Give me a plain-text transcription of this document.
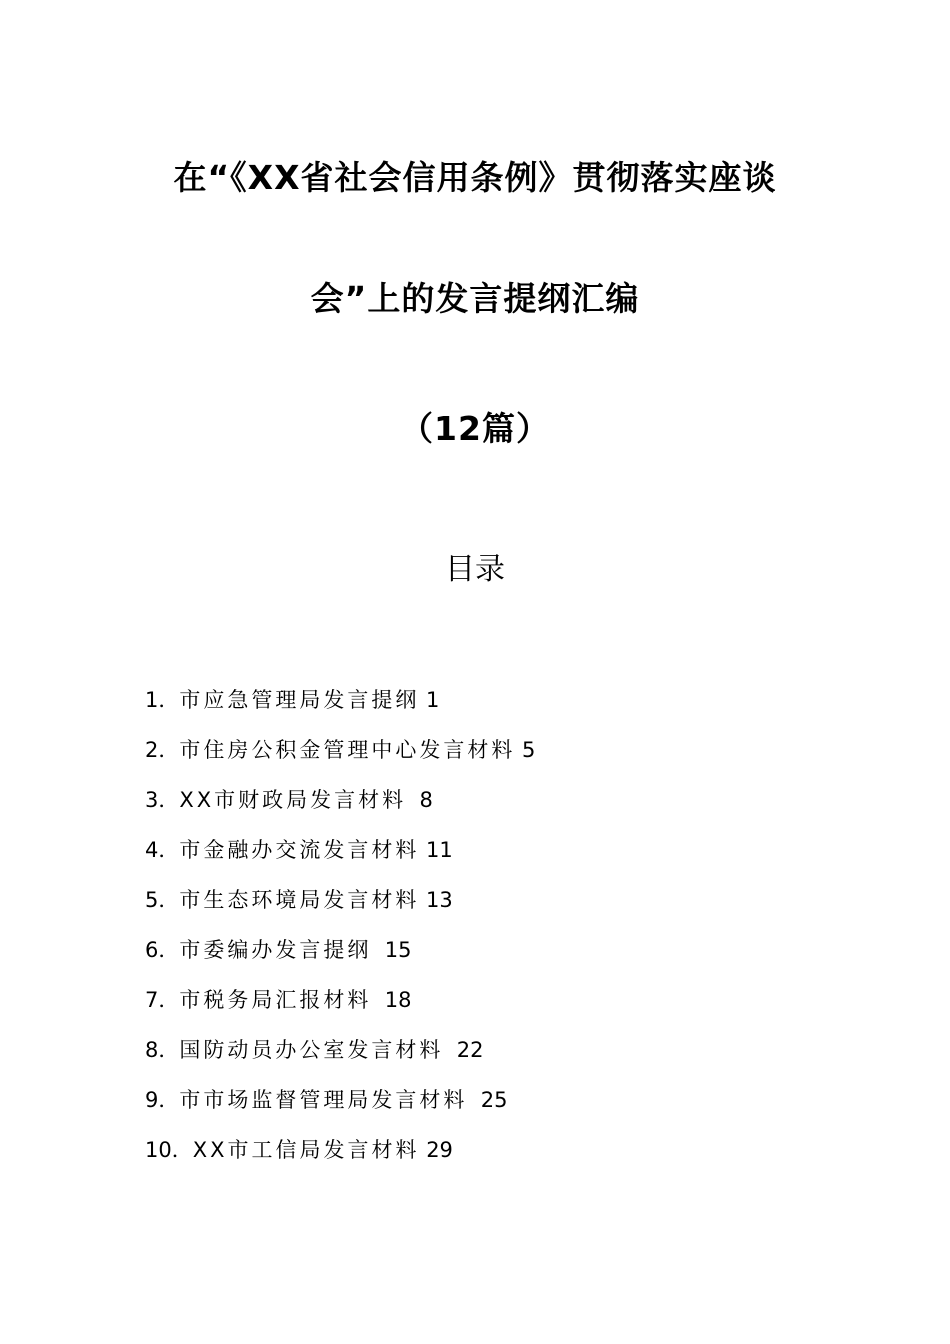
在“《XX省社会信用条例》贯彻落实座谈
会”上的发言提纲汇编
（12篇）
目录
1．市应急管理局发言提纲 1
2．市住房公积金管理中心发言材料 5
3．XX市财政局发言材料  8
4．市金融办交流发言材料 11
5．市生态环境局发言材料 13
6．市委编办发言提纲  15
7．市税务局汇报材料  18
8．国防动员办公室发言材料  22
9．市市场监督管理局发言材料  25
10．XX市工信局发言材料 29
